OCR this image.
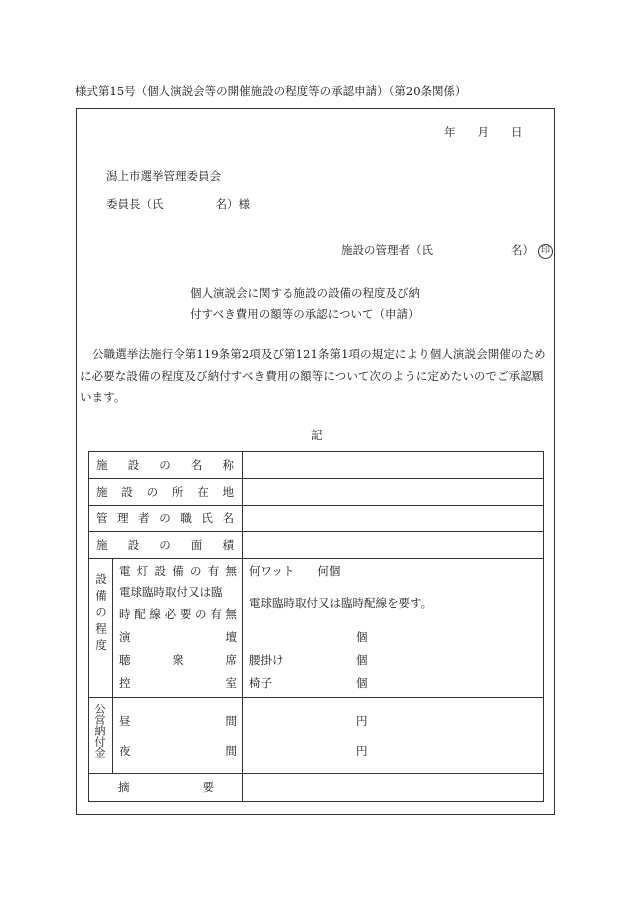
様式第15号（個人演説会等の開催施設の程度等の承認申請）（第20条関係）
年 月 日
潟上市選挙管理委員会
委員長（氏	名）様
施設の管理者（氏	名） 印
個人演説会に関する施設の設備の程度及び納
付すべき費用の額等の承認について（申請）
公職選挙法施行令第119条第2項及び第121条第1項の規定により個人演説会開催のために必要な設備の程度及び納付すべき費用の額等について次のように定めたいのでご承認願います。
記
施 設 の 名 称
施 設 の 所 在 地
管 理 者 の 職 氏 名
施 設 の 面 積
設備の程度
電 灯 設 備 の 有 無 何ワット　　何個
電球臨時取付又は臨
時 配 線 必 要 の 有 無
電球臨時取付又は臨時配線を要す。
演	壇	個
聴	衆	席 腰掛け	個
控	室 椅子	個
公営納付金 昼	間	円
夜	間	円
摘	要
